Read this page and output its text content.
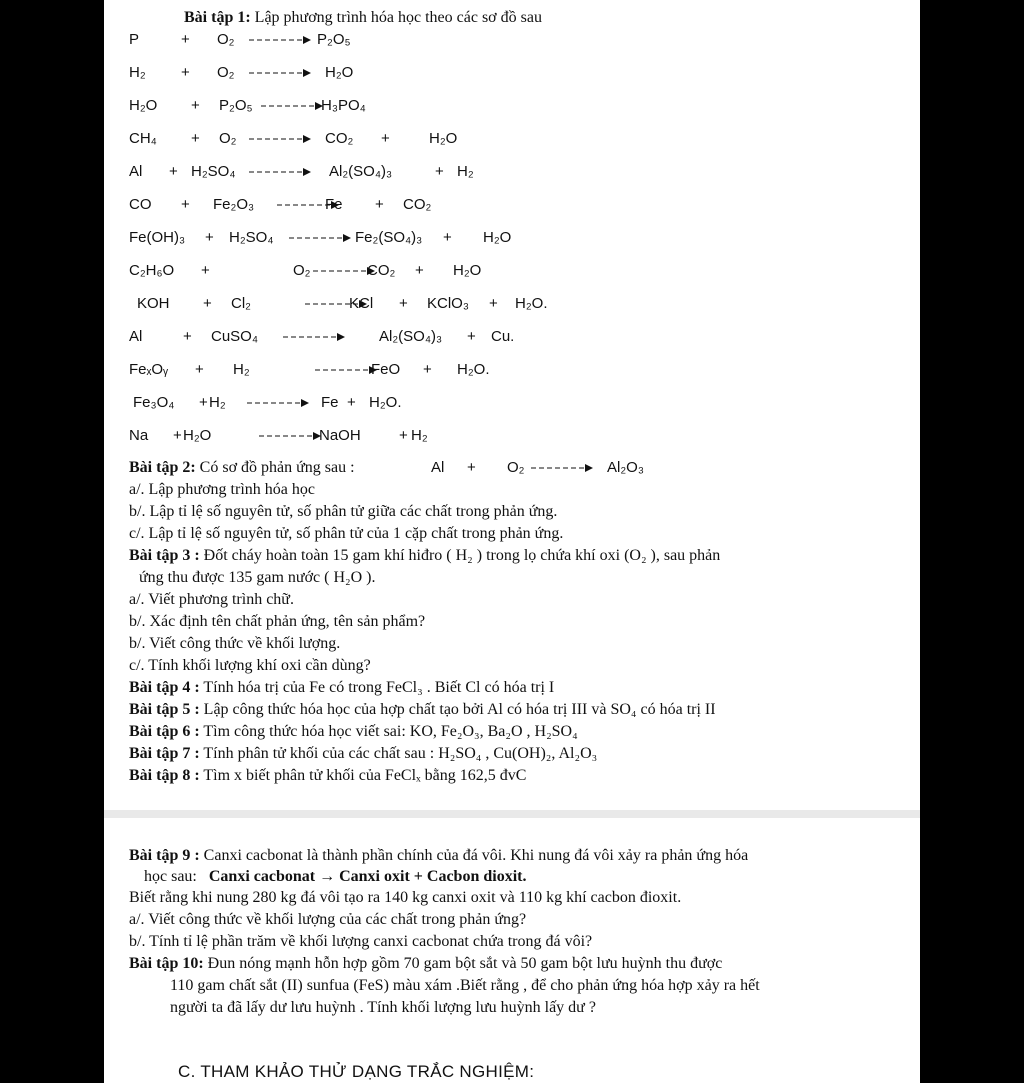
Bài tập 1: Lập phương trình hóa học theo các sơ đồ sau
P	+ O₂	P₂O₅
H₂ + O₂	H₂O
H₂O + P₂O₅	H₃PO₄
CH₄ + O₂	CO₂ +	H₂O
Al + H₂SO₄	Al₂(SO₄)₃	+ H₂
CO + Fe₂O₃	Fe + CO₂
Fe(OH)₃ + H₂SO₄	Fe₂(SO₄)₃ + H₂O
C₂H₆O +	O₂	CO₂ + H₂O
KOH + Cl₂	KCl + KClO₃ + H₂O.
Al	+ CuSO₄	Al₂(SO₄)₃ + Cu.
FeₓOᵧ + H₂	FeO + H₂O.
Fe₃O₄ + H₂	Fe + H₂O.
Na + H₂O	NaOH	+ H₂
Bài tập 2: Có sơ đồ phản ứng sau :	Al + O₂	Al₂O₃
a/. Lập phương trình hóa học
b/. Lập tỉ lệ số nguyên tử, số phân tử giữa các chất trong phản ứng.
c/. Lập tỉ lệ số nguyên tử, số phân tử của 1 cặp chất trong phản ứng.
Bài tập 3 : Đốt cháy hoàn toàn 15 gam khí hiđro ( H₂ ) trong lọ chứa khí oxi (O₂ ), sau phản
ứng thu được 135 gam nước ( H₂O ).
a/. Viết phương trình chữ.
b/. Xác định tên chất phản ứng, tên sản phẩm?
b/. Viết công thức về khối lượng.
c/. Tính khối lượng khí oxi cần dùng?
Bài tập 4 : Tính hóa trị của Fe có trong FeCl₃ . Biết Cl có hóa trị I
Bài tập 5 : Lập công thức hóa học của hợp chất tạo bởi Al có hóa trị III và SO₄ có hóa trị II
Bài tập 6 : Tìm công thức hóa học viết sai: KO, Fe₂O₃, Ba₂O , H₂SO₄
Bài tập 7 : Tính phân tử khối của các chất sau : H₂SO₄ , Cu(OH)₂, Al₂O₃
Bài tập 8 : Tìm x biết phân tử khối của FeClₓ bằng 162,5 đvC
Bài tập 9 : Canxi cacbonat là thành phần chính của đá vôi. Khi nung đá vôi xảy ra phản ứng hóa
học sau: Canxi cacbonat → Canxi oxit + Cacbon dioxit.
Biết rằng khi nung 280 kg đá vôi tạo ra 140 kg canxi oxit và 110 kg khí cacbon đioxit.
a/. Viết công thức về khối lượng của các chất trong phản ứng?
b/. Tính tỉ lệ phần trăm về khối lượng canxi cacbonat chứa trong đá vôi?
Bài tập 10: Đun nóng mạnh hỗn hợp gồm 70 gam bột sắt và 50 gam bột lưu huỳnh thu được
110 gam chất sắt (II) sunfua (FeS) màu xám .Biết rằng , để cho phản ứng hóa hợp xảy ra hết
người ta đã lấy dư lưu huỳnh . Tính khối lượng lưu huỳnh lấy dư ?
C. THAM KHẢO THỬ DẠNG TRẮC NGHIỆM:
